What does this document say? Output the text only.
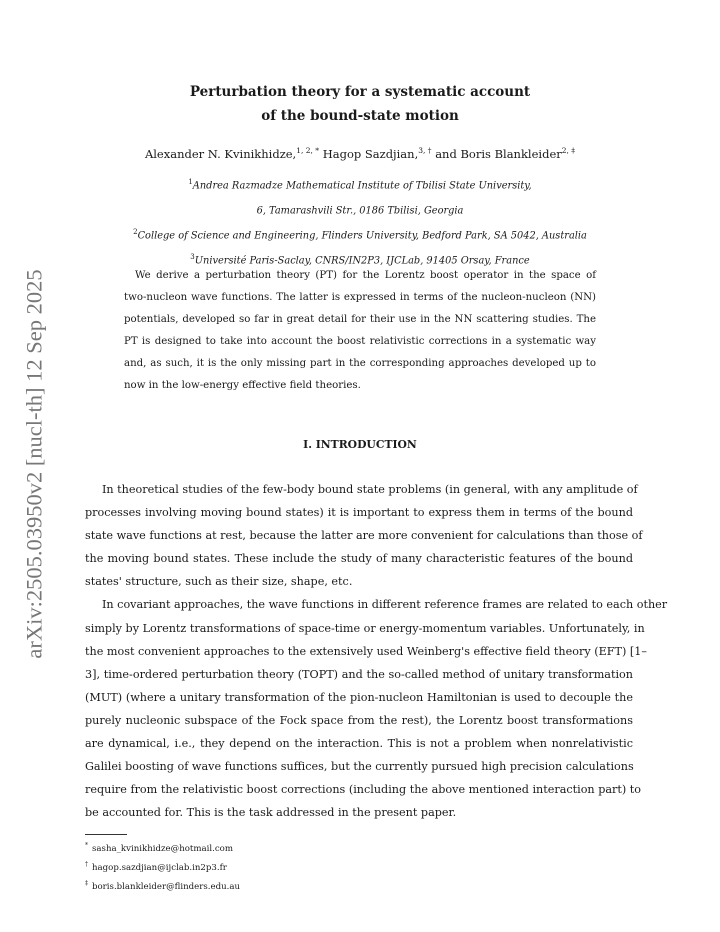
arXiv:2505.03950v2 [nucl-th] 12 Sep 2025
Perturbation theory for a systematic account
of the bound-state motion
Alexander N. Kvinikhidze,$^{1, 2, *}$ Hagop Sazdjian,$^{3, \dagger}$ and Boris Blankleider$^{2, \ddagger}$
$^1$Andrea Razmadze Mathematical Institute of Tbilisi State University,
6, Tamarashvili Str., 0186 Tbilisi, Georgia
$^2$College of Science and Engineering, Flinders University, Bedford Park, SA 5042, Australia
$^3$Université Paris-Saclay, CNRS/IN2P3, IJCLab, 91405 Orsay, France
We derive a perturbation theory (PT) for the Lorentz boost operator in the space of
two-nucleon wave functions. The latter is expressed in terms of the nucleon-nucleon (NN)
potentials, developed so far in great detail for their use in the NN scattering studies. The
PT is designed to take into account the boost relativistic corrections in a systematic way
and, as such, it is the only missing part in the corresponding approaches developed up to
now in the low-energy effective field theories.
I. INTRODUCTION
In theoretical studies of the few-body bound state problems (in general, with any amplitude of
processes involving moving bound states) it is important to express them in terms of the bound
state wave functions at rest, because the latter are more convenient for calculations than those of
the moving bound states. These include the study of many characteristic features of the bound
states' structure, such as their size, shape, etc.
In covariant approaches, the wave functions in different reference frames are related to each other
simply by Lorentz transformations of space-time or energy-momentum variables. Unfortunately, in
the most convenient approaches to the extensively used Weinberg's effective field theory (EFT) [1–
3], time-ordered perturbation theory (TOPT) and the so-called method of unitary transformation
(MUT) (where a unitary transformation of the pion-nucleon Hamiltonian is used to decouple the
purely nucleonic subspace of the Fock space from the rest), the Lorentz boost transformations
are dynamical, i.e., they depend on the interaction. This is not a problem when nonrelativistic
Galilei boosting of wave functions suffices, but the currently pursued high precision calculations
require from the relativistic boost corrections (including the above mentioned interaction part) to
be accounted for. This is the task addressed in the present paper.
* sasha_kvinikhidze@hotmail.com
† hagop.sazdjian@ijclab.in2p3.fr
‡ boris.blankleider@flinders.edu.au
